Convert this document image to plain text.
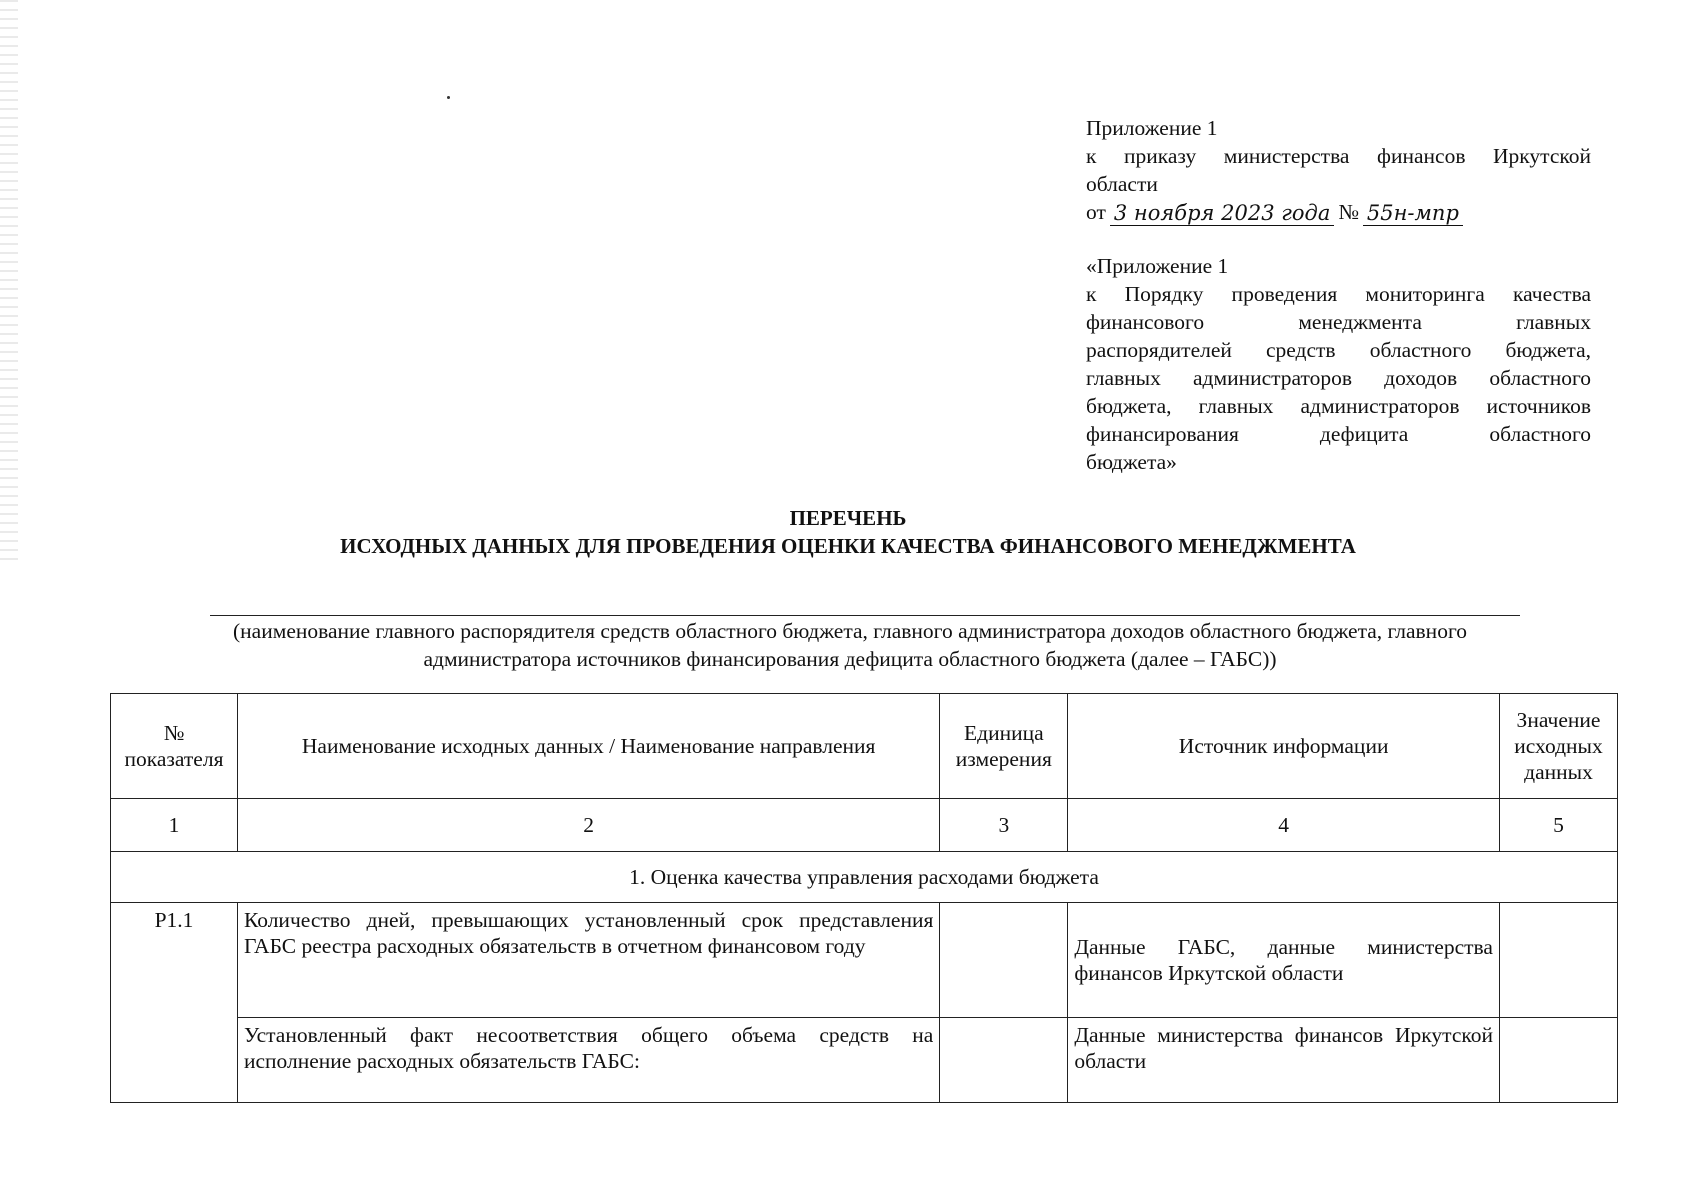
Приложение 1

к приказу министерства финансов Иркутской

области

от 3 ноября 2023 года № 55н-мпр

«Приложение 1

к Порядку проведения мониторинга качества

финансового менеджмента главных

распорядителей средств областного бюджета,

главных администраторов доходов областного

бюджета, главных администраторов источников

финансирования дефицита областного

бюджета»

ПЕРЕЧЕНЬ
ИСХОДНЫХ ДАННЫХ ДЛЯ ПРОВЕДЕНИЯ ОЦЕНКИ КАЧЕСТВА ФИНАНСОВОГО МЕНЕДЖМЕНТА
(наименование главного распорядителя средств областного бюджета, главного администратора доходов областного бюджета, главного
администратора источников финансирования дефицита областного бюджета (далее – ГАБС))
№ показателя	Наименование исходных данных / Наименование направления	Единица измерения	Источник информации	Значение исходных данных
1	2	3	4	5
1. Оценка качества управления расходами бюджета				
Р1.1	Количество дней, превышающих установленный срок представления ГАБС реестра расходных обязательств в отчетном финансовом году		Данные ГАБС, данные министерства финансов Иркутской области	
	Установленный факт несоответствия общего объема средств на исполнение расходных обязательств ГАБС:		Данные министерства финансов Иркутской области	
